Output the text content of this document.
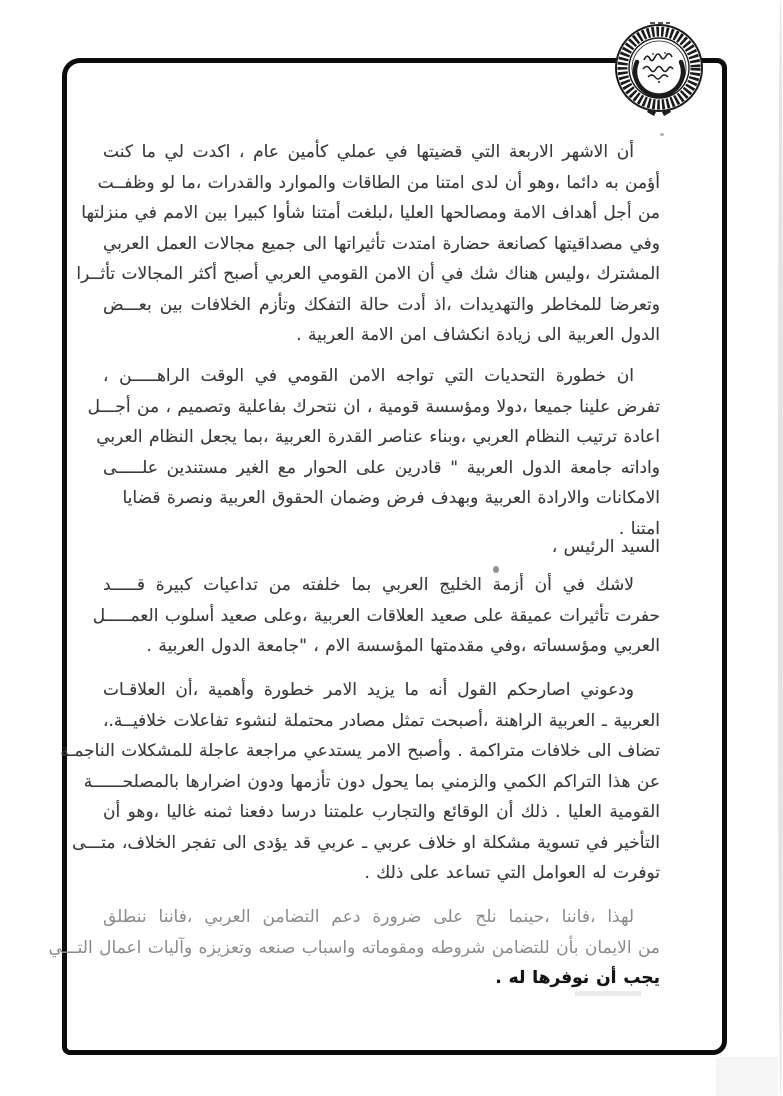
أن الاشهر الاربعة التي قضيتها في عملي كأمين عام ، اكدت لي ما كنت
أؤمن به دائما ،وهو أن لدى امتنا من الطاقات والموارد والقدرات ،ما لو وظفــت
من أجل أهداف الامة ومصالحها العليا ،لبلغت أمتنا شأوا كبيرا بين الامم في منزلتها
وفي مصداقيتها كصانعة حضارة امتدت تأثيراتها الى جميع مجالات العمل العربي
المشترك ،وليس هناك شك في أن الامن القومي العربي أصبح أكثر المجالات تأثــرا
وتعرضا للمخاطر والتهديدات ،اذ أدت حالة التفكك وتأزم الخلافات بين بعـــض
الدول العربية الى زيادة انكشاف امن الامة العربية .
ان خطورة التحديات التي تواجه الامن القومي في الوقت الراهـــــن ،
تفرض علينا جميعا ،دولا ومؤسسة قومية ، ان نتحرك بفاعلية وتصميم ، من أجـــل
اعادة ترتيب النظام العربي ،وبناء عناصر القدرة العربية ،بما يجعل النظام العربي
واداته جامعة الدول العربية " قادرين على الحوار مع الغير مستندين علـــــى
الامكانات والارادة العربية وبهدف فرض وضمان الحقوق العربية ونصرة قضايا امتنا .
السيد الرئيس ،
لاشك في أن أزمة الخليج العربي بما خلفته من تداعيات كبيرة قـــــد
حفرت تأثيرات عميقة على صعيد العلاقات العربية ،وعلى صعيد أسلوب العمـــــل
العربي ومؤسساته ،وفي مقدمتها المؤسسة الام ، "جامعة الدول العربية .
ودعوني اصارحكم القول أنه ما يزيد الامر خطورة وأهمية ،أن العلاقـات
العربية ـ العربية الراهنة ،أصبحت تمثل مصادر محتملة لنشوء تفاعلات خلافيــة.،
تضاف الى خلافات متراكمة . وأصبح الامر يستدعي مراجعة عاجلة للمشكلات الناجمـة
عن هذا التراكم الكمي والزمني بما يحول دون تأزمها ودون اضرارها بالمصلحــــــة
القومية العليا . ذلك أن الوقائع والتجارب علمتنا درسا دفعنا ثمنه غاليا ،وهو أن
التأخير في تسوية مشكلة او خلاف عربي ـ عربي قد يؤدى الى تفجر الخلاف، متـــى
توفرت له العوامل التي تساعد على ذلك .
لهذا ،فاننا ،حينما نلح على ضرورة دعم التضامن العربي ،فاننا ننطلق
من الايمان بأن للتضامن شروطه ومقوماته واسباب صنعه وتعزيزه وآليات اعمال التـــي
يجب أن نوفرها له .
